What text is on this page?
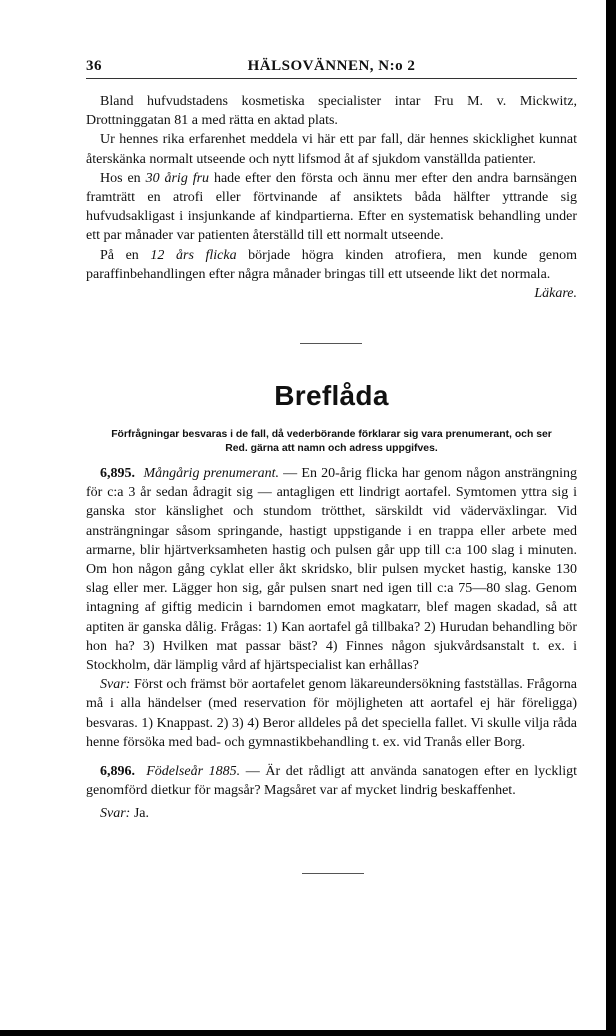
36	HÄLSOVÄNNEN, N:o 2

Bland hufvudstadens kosmetiska specialister intar Fru M. v. Mickwitz, Drottninggatan 81 a med rätta en aktad plats.

Ur hennes rika erfarenhet meddela vi här ett par fall, där hennes skicklighet kunnat återskänka normalt utseende och nytt lifsmod åt af sjukdom vanställda patienter.

Hos en 30 årig fru hade efter den första och ännu mer efter den andra barnsängen framträtt en atrofi eller förtvinande af ansiktets båda hälfter yttrande sig hufvudsakligast i insjunkande af kindpartierna. Efter en systematisk behandling under ett par månader var patienten återställd till ett normalt utseende.

På en 12 års flicka började högra kinden atrofiera, men kunde genom paraffinbehandlingen efter några månader bringas till ett utseende likt det normala.

Läkare.
Breflåda
Förfrågningar besvaras i de fall, då vederbörande förklarar sig vara prenumerant, och ser
Red. gärna att namn och adress uppgifves.

6,895. Mångårig prenumerant. — En 20-årig flicka har genom någon ansträngning för c:a 3 år sedan ådragit sig — antagligen ett lindrigt aortafel. Symtomen yttra sig i ganska stor känslighet och stundom trötthet, särskildt vid väderväxlingar. Vid ansträngningar såsom springande, hastigt uppstigande i en trappa eller arbete med armarne, blir hjärtverksamheten hastig och pulsen går upp till c:a 100 slag i minuten. Om hon någon gång cyklat eller åkt skridsko, blir pulsen mycket hastig, kanske 130 slag eller mer. Lägger hon sig, går pulsen snart ned igen till c:a 75—80 slag. Genom intagning af giftig medicin i barndomen emot magkatarr, blef magen skadad, så att aptiten är ganska dålig. Frågas: 1) Kan aortafel gå tillbaka? 2) Hurudan behandling bör hon ha? 3) Hvilken mat passar bäst? 4) Finnes någon sjukvårdsanstalt t. ex. i Stockholm, där lämplig vård af hjärtspecialist kan erhållas?

Svar: Först och främst bör aortafelet genom läkareundersökning fastställas. Frågorna må i alla händelser (med reservation för möjligheten att aortafel ej här föreligga) besvaras. 1) Knappast. 2) 3) 4) Beror alldeles på det speciella fallet. Vi skulle vilja råda henne försöka med bad- och gymnastikbehandling t. ex. vid Tranås eller Borg.

6,896. Födelseår 1885. — Är det rådligt att använda sanatogen efter en lyckligt genomförd dietkur för magsår? Magsåret var af mycket lindrig beskaffenhet.

Svar: Ja.
